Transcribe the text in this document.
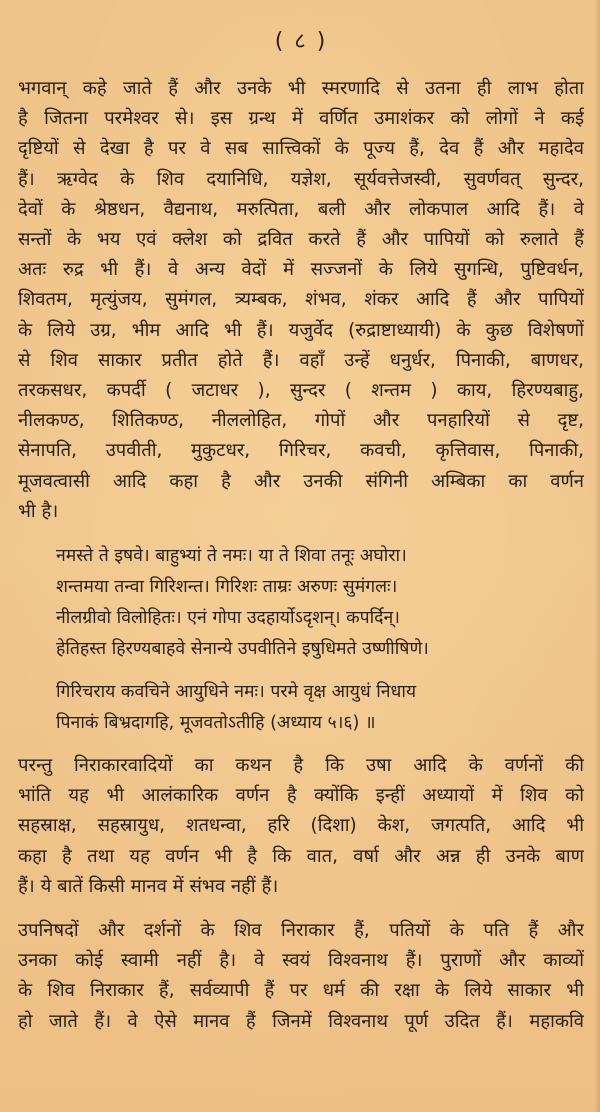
( ८ )
भगवान् कहे जाते हैं और उनके भी स्मरणादि से उतना ही लाभ होता
है जितना परमेश्वर से। इस ग्रन्थ में वर्णित उमाशंकर को लोगों ने कई
दृष्टियों से देखा है पर वे सब सात्त्विकों के पूज्य हैं, देव हैं और महादेव
हैं। ऋग्वेद के शिव दयानिधि, यज्ञेश, सूर्यवत्तेजस्वी, सुवर्णवत् सुन्दर,
देवों के श्रेष्ठधन, वैद्यनाथ, मरुत्पिता, बली और लोकपाल आदि हैं। वे
सन्तों के भय एवं क्लेश को द्रवित करते हैं और पापियों को रुलाते हैं
अतः रुद्र भी हैं। वे अन्य वेदों में सज्जनों के लिये सुगन्धि, पुष्टिवर्धन,
शिवतम, मृत्युंजय, सुमंगल, त्र्यम्बक, शंभव, शंकर आदि हैं और पापियों
के लिये उग्र, भीम आदि भी हैं। यजुर्वेद (रुद्राष्टाध्यायी) के कुछ विशेषणों
से शिव साकार प्रतीत होते हैं। वहाँ उन्हें धनुर्धर, पिनाकी, बाणधर,
तरकसधर, कपर्दी ( जटाधर ), सुन्दर ( शन्तम ) काय, हिरण्यबाहु,
नीलकण्ठ, शितिकण्ठ, नीललोहित, गोपों और पनहारियों से दृष्ट,
सेनापति, उपवीती, मुकुटधर, गिरिचर, कवची, कृत्तिवास, पिनाकी,
मूजवत्वासी आदि कहा है और उनकी संगिनी अम्बिका का वर्णन
भी है।
नमस्ते ते इषवे। बाहुभ्यां ते नमः। या ते शिवा तनूः अघोरा।
शन्तमया तन्वा गिरिशन्त। गिरिशः ताम्रः अरुणः सुमंगलः।
नीलग्रीवो विलोहितः। एनं गोपा उदहार्योऽदृशन्। कपर्दिन्।
हेतिहस्त हिरण्यबाहवे सेनान्ये उपवीतिने इषुधिमते उष्णीषिणे।
गिरिचराय कवचिने आयुधिने नमः। परमे वृक्ष आयुधं निधाय
पिनाकं बिभ्रदागहि, मूजवतोऽतीहि (अध्याय ५।६) ॥
परन्तु निराकारवादियों का कथन है कि उषा आदि के वर्णनों की
भांति यह भी आलंकारिक वर्णन है क्योंकि इन्हीं अध्यायों में शिव को
सहस्राक्ष, सहस्रायुध, शतधन्वा, हरि (दिशा) केश, जगत्पति, आदि भी
कहा है तथा यह वर्णन भी है कि वात, वर्षा और अन्न ही उनके बाण
हैं। ये बातें किसी मानव में संभव नहीं हैं।
उपनिषदों और दर्शनों के शिव निराकार हैं, पतियों के पति हैं और
उनका कोई स्वामी नहीं है। वे स्वयं विश्वनाथ हैं। पुराणों और काव्यों
के शिव निराकार हैं, सर्वव्यापी हैं पर धर्म की रक्षा के लिये साकार भी
हो जाते हैं। वे ऐसे मानव हैं जिनमें विश्वनाथ पूर्ण उदित हैं। महाकवि
